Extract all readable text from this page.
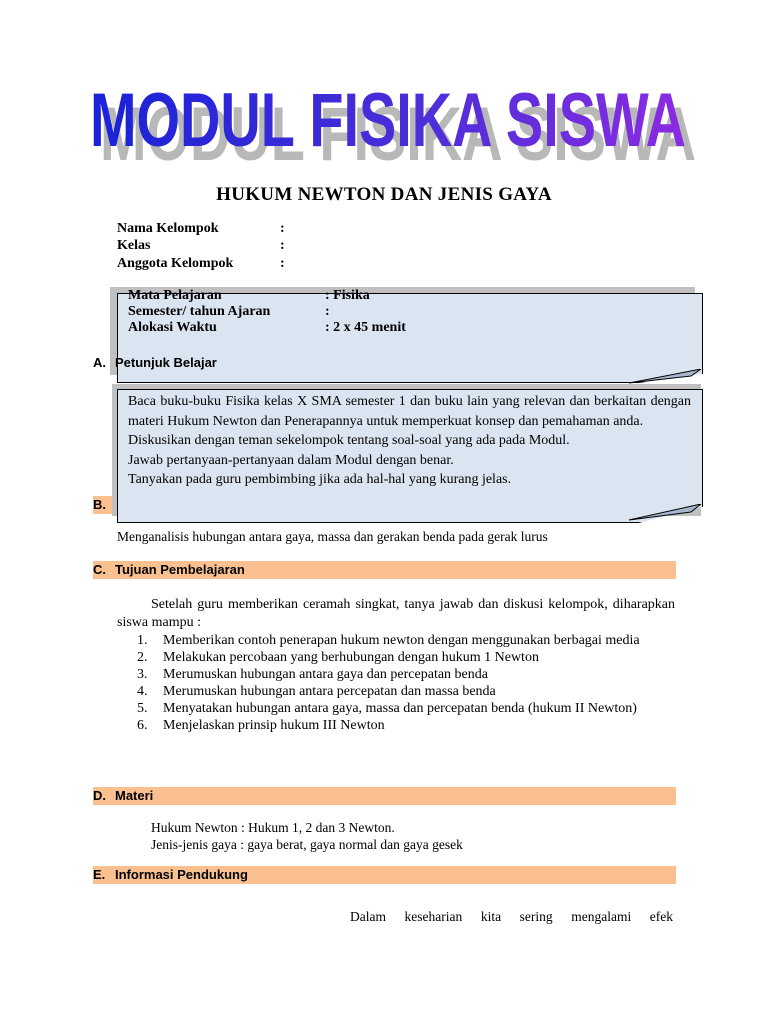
MODUL FISIKA SISWA
MODUL FISIKA SISWA
HUKUM NEWTON DAN JENIS GAYA
Nama Kelompok	:
Kelas	:
Anggota Kelompok	:
Mata Pelajaran	: Fisika
Semester/ tahun Ajaran	:
Alokasi Waktu	: 2 x 45 menit
A. Petunjuk Belajar
B.
Baca buku-buku Fisika kelas X SMA semester 1 dan buku lain yang relevan dan berkaitan dengan materi Hukum Newton dan Penerapannya untuk memperkuat konsep dan pemahaman anda.
Diskusikan dengan teman sekelompok tentang soal-soal yang ada pada Modul.
Jawab pertanyaan-pertanyaan dalam Modul dengan benar.
Tanyakan pada guru pembimbing jika ada hal-hal yang kurang jelas.
Menganalisis hubungan antara gaya, massa dan gerakan benda pada gerak lurus
C. Tujuan Pembelajaran
Setelah guru memberikan ceramah singkat, tanya jawab dan diskusi kelompok, diharapkan siswa mampu :
1.	Memberikan contoh penerapan hukum newton dengan menggunakan berbagai media
2.	Melakukan percobaan yang berhubungan dengan hukum 1 Newton
3.	Merumuskan hubungan antara gaya dan percepatan benda
4.	Merumuskan hubungan antara percepatan dan massa benda
5.	Menyatakan hubungan antara gaya, massa dan percepatan benda (hukum II Newton)
6.	Menjelaskan prinsip hukum III Newton
D. Materi
Hukum Newton : Hukum 1, 2 dan 3 Newton.
Jenis-jenis gaya : gaya berat, gaya normal dan gaya gesek
E. Informasi Pendukung
Dalam keseharian kita sering mengalami efek
